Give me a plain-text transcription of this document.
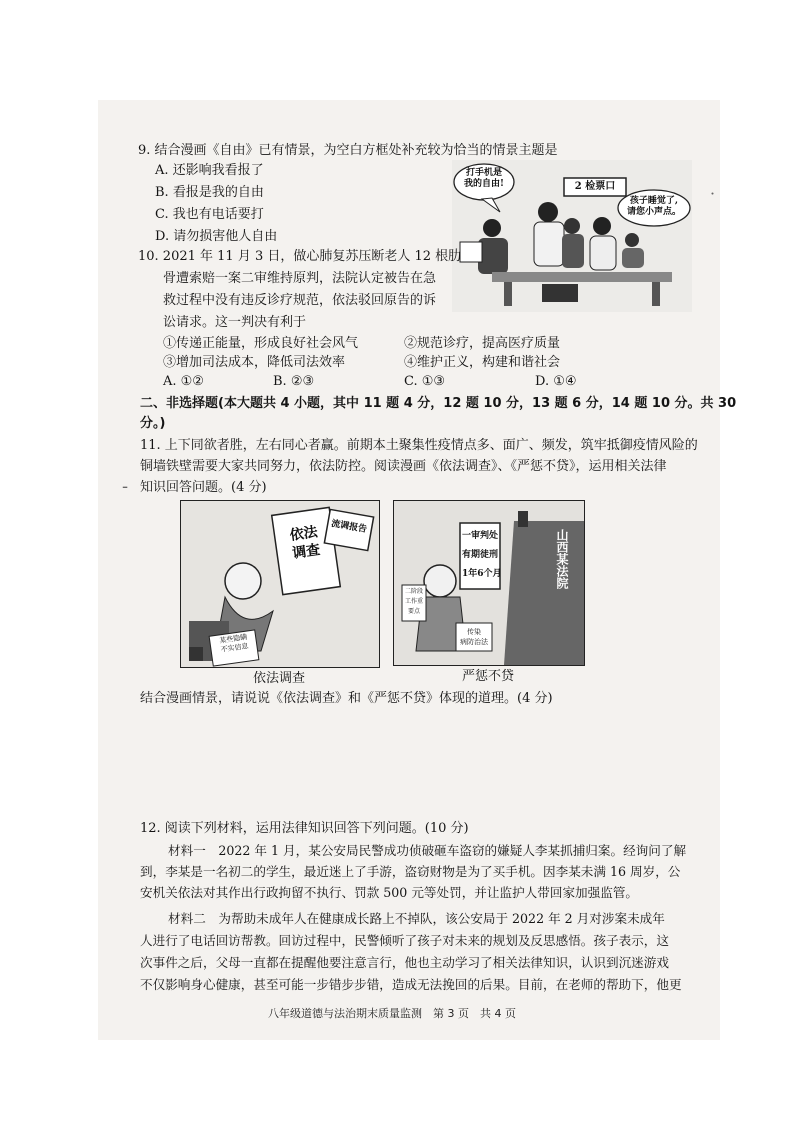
9. 结合漫画《自由》已有情景，为空白方框处补充较为恰当的情景主题是
A. 还影响我看报了
B. 看报是我的自由
C. 我也有电话要打
D. 请勿损害他人自由
打手机是
我的自由!	2 检票口
孩子睡觉了,
请您小声点。
10. 2021 年 11 月 3 日，做心肺复苏压断老人 12 根肋
骨遭索赔一案二审维持原判，法院认定被告在急
救过程中没有违反诊疗规范，依法驳回原告的诉
讼请求。这一判决有利于
①传递正能量，形成良好社会风气	②规范诊疗，提高医疗质量
③增加司法成本，降低司法效率	④维护正义，构建和谐社会
A. ①②	B. ②③	C. ①③	D. ①④
二、非选择题(本大题共 4 小题，其中 11 题 4 分，12 题 10 分，13 题 6 分，14 题 10 分。共 30
分。)
11. 上下同欲者胜，左右同心者赢。前期本土聚集性疫情点多、面广、频发，筑牢抵御疫情风险的
铜墙铁壁需要大家共同努力，依法防控。阅读漫画《依法调查》、《严惩不贷》，运用相关法律
知识回答问题。(4 分)
依法
调查
流调报告
某些隐瞒
不实信息
依法调查
山西某法院
一审判处
有期徒刑
1年6个月
二阶段
工作重
要点
传染
病防治法
严惩不贷
结合漫画情景，请说说《依法调查》和《严惩不贷》体现的道理。(4 分)
12. 阅读下列材料，运用法律知识回答下列问题。(10 分)
材料一　2022 年 1 月，某公安局民警成功侦破砸车盗窃的嫌疑人李某抓捕归案。经询问了解
到，李某是一名初二的学生，最近迷上了手游，盗窃财物是为了买手机。因李某未满 16 周岁，公
安机关依法对其作出行政拘留不执行、罚款 500 元等处罚，并让监护人带回家加强监管。
材料二　为帮助未成年人在健康成长路上不掉队，该公安局于 2022 年 2 月对涉案未成年
人进行了电话回访帮教。回访过程中，民警倾听了孩子对未来的规划及反思感悟。孩子表示，这
次事件之后，父母一直都在提醒他要注意言行，他也主动学习了相关法律知识，认识到沉迷游戏
不仅影响身心健康，甚至可能一步错步步错，造成无法挽回的后果。目前，在老师的帮助下，他更
八年级道德与法治期末质量监测　第 3 页　共 4 页
˙
-
